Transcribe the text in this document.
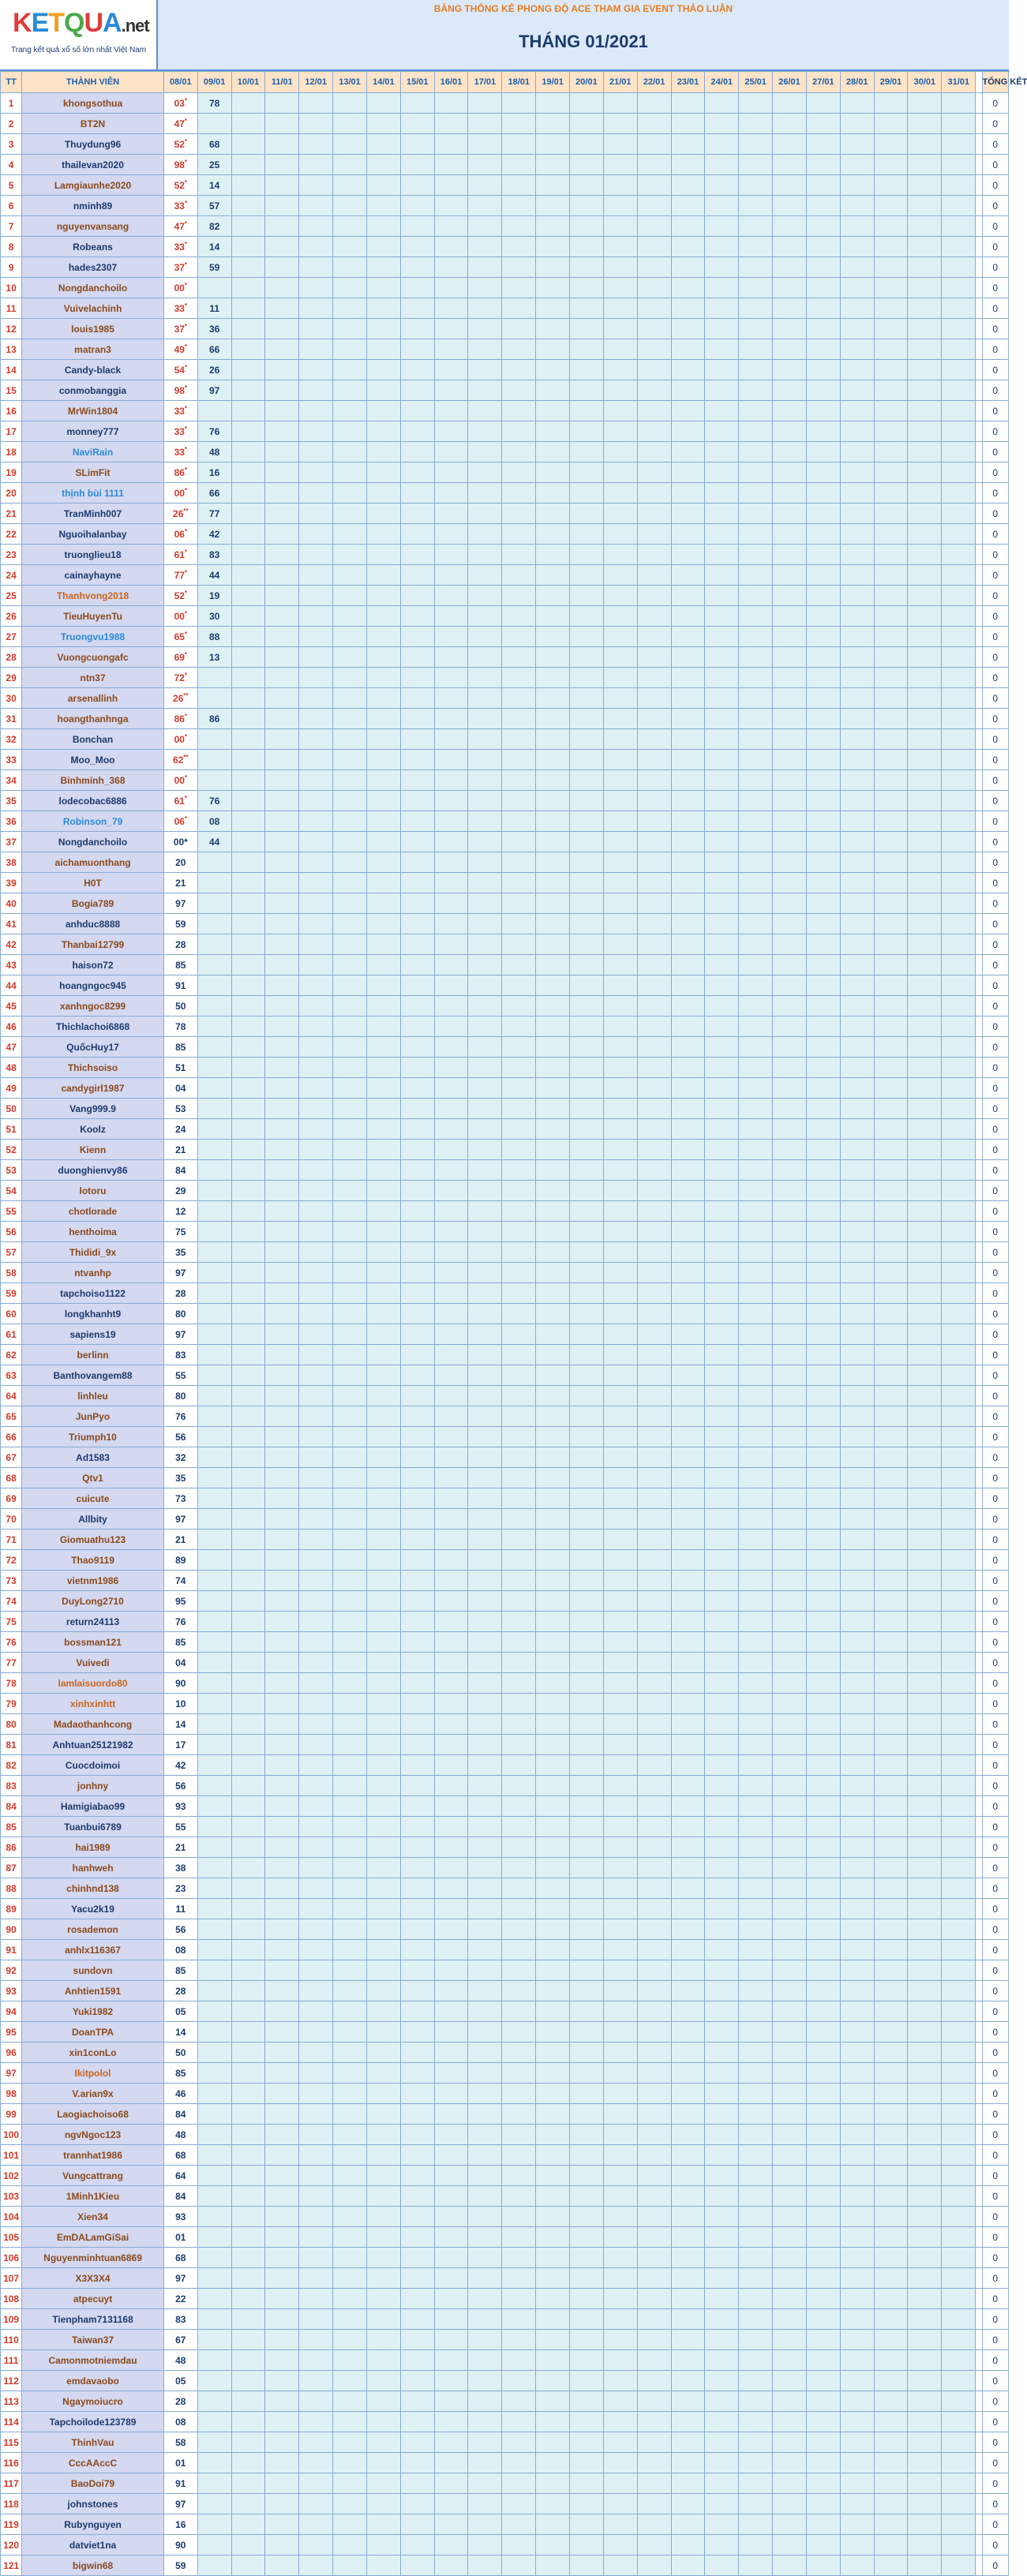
KETQUA.net
Trang kết quả xổ số lớn nhất Việt Nam
BẢNG THỐNG KÊ PHONG ĐỘ ACE THAM GIA EVENT THẢO LUẬN
THÁNG 01/2021
TT	THÀNH VIÊN	08/01	09/01	10/01	11/01	12/01	13/01	14/01	15/01	16/01	17/01	18/01	19/01	20/01	21/01	22/01	23/01	24/01	25/01	26/01	27/01	28/01	29/01	30/01	31/01		TỔNG KẾT	
1	khongsothua	03*	78																								0	
2	BT2N	47*																									0	
3	Thuydung96	52*	68																								0	
4	thailevan2020	98*	25																								0	
5	Lamgiaunhe2020	52*	14																								0	
6	nminh89	33*	57																								0	
7	nguyenvansang	47*	82																								0	
8	Robeans	33*	14																								0	
9	hades2307	37*	59																								0	
10	Nongdanchoilo	00*																									0	
11	Vuivelachinh	33*	11																								0	
12	louis1985	37*	36																								0	
13	matran3	49*	66																								0	
14	Candy-black	54*	26																								0	
15	conmobanggia	98*	97																								0	
16	MrWin1804	33*																									0	
17	monney777	33*	76																								0	
18	NaviRain	33*	48																								0	
19	SLimFit	86*	16																								0	
20	thịnh bùi 1111	00*	66																								0	
21	TranMinh007	26**	77																								0	
22	Nguoihalanbay	06*	42																								0	
23	truonglieu18	61*	83																								0	
24	cainayhayne	77*	44																								0	
25	Thanhvong2018	52*	19																								0	
26	TieuHuyenTu	00*	30																								0	
27	Truongvu1988	65*	88																								0	
28	Vuongcuongafc	69*	13																								0	
29	ntn37	72*																									0	
30	arsenallinh	26**																									0	
31	hoangthanhnga	86*	86																								0	
32	Bonchan	00*																									0	
33	Moo_Moo	62**																									0	
34	Binhminh_368	00*																									0	
35	lodecobac6886	61*	76																								0	
36	Robinson_79	06*	08																								0	
37	Nongdanchoilo	00*	44																								0	
38	aichamuonthang	20																									0	
39	H0T	21																									0	
40	Bogia789	97																									0	
41	anhduc8888	59																									0	
42	Thanbai12799	28																									0	
43	haison72	85																									0	
44	hoangngoc945	91																									0	
45	xanhngoc8299	50																									0	
46	Thichlachoi6868	78																									0	
47	QuốcHuy17	85																									0	
48	Thichsoiso	51																									0	
49	candygirl1987	04																									0	
50	Vang999.9	53																									0	
51	Koolz	24																									0	
52	Kienn	21																									0	
53	duonghienvy86	84																									0	
54	lotoru	29																									0	
55	chotlorade	12																									0	
56	henthoima	75																									0	
57	Thididi_9x	35																									0	
58	ntvanhp	97																									0	
59	tapchoiso1122	28																									0	
60	longkhanht9	80																									0	
61	sapiens19	97																									0	
62	berlinn	83																									0	
63	Banthovangem88	55																									0	
64	linhleu	80																									0	
65	JunPyo	76																									0	
66	Triumph10	56																									0	
67	Ad1583	32																									0	
68	Qtv1	35																									0	
69	cuicute	73																									0	
70	Allbity	97																									0	
71	Giomuathu123	21																									0	
72	Thao9119	89																									0	
73	vietnm1986	74																									0	
74	DuyLong2710	95																									0	
75	return24113	76																									0	
76	bossman121	85																									0	
77	Vuivedi	04																									0	
78	lamlaisuordo80	90																									0	
79	xinhxinhtt	10																									0	
80	Madaothanhcong	14																									0	
81	Anhtuan25121982	17																									0	
82	Cuocdoimoi	42																									0	
83	jonhny	56																									0	
84	Hamigiabao99	93																									0	
85	Tuanbui6789	55																									0	
86	hai1989	21																									0	
87	hanhweh	38																									0	
88	chinhnd138	23																									0	
89	Yacu2k19	11																									0	
90	rosademon	56																									0	
91	anhlx116367	08																									0	
92	sundovn	85																									0	
93	Anhtien1591	28																									0	
94	Yuki1982	05																									0	
95	DoanTPA	14																									0	
96	xin1conLo	50																									0	
97	Ikitpolol	85																									0	
98	V.arian9x	46																									0	
99	Laogiachoiso68	84																									0	
100	ngvNgoc123	48																									0	
101	trannhat1986	68																									0	
102	Vungcattrang	64																									0	
103	1Minh1Kieu	84																									0	
104	Xien34	93																									0	
105	EmDALamGiSai	01																									0	
106	Nguyenminhtuan6869	68																									0	
107	X3X3X4	97																									0	
108	atpecuyt	22																									0	
109	Tienpham7131168	83																									0	
110	Taiwan37	67																									0	
111	Camonmotniemdau	48																									0	
112	emdavaobo	05																									0	
113	Ngaymoiucro	28																									0	
114	Tapchoilode123789	08																									0	
115	ThinhVau	58																									0	
116	CccAAccC	01																									0	
117	BaoDoi79	91																									0	
118	johnstones	97																									0	
119	Rubynguyen	16																									0	
120	datviet1na	90																									0	
121	bigwin68	59																									0	
